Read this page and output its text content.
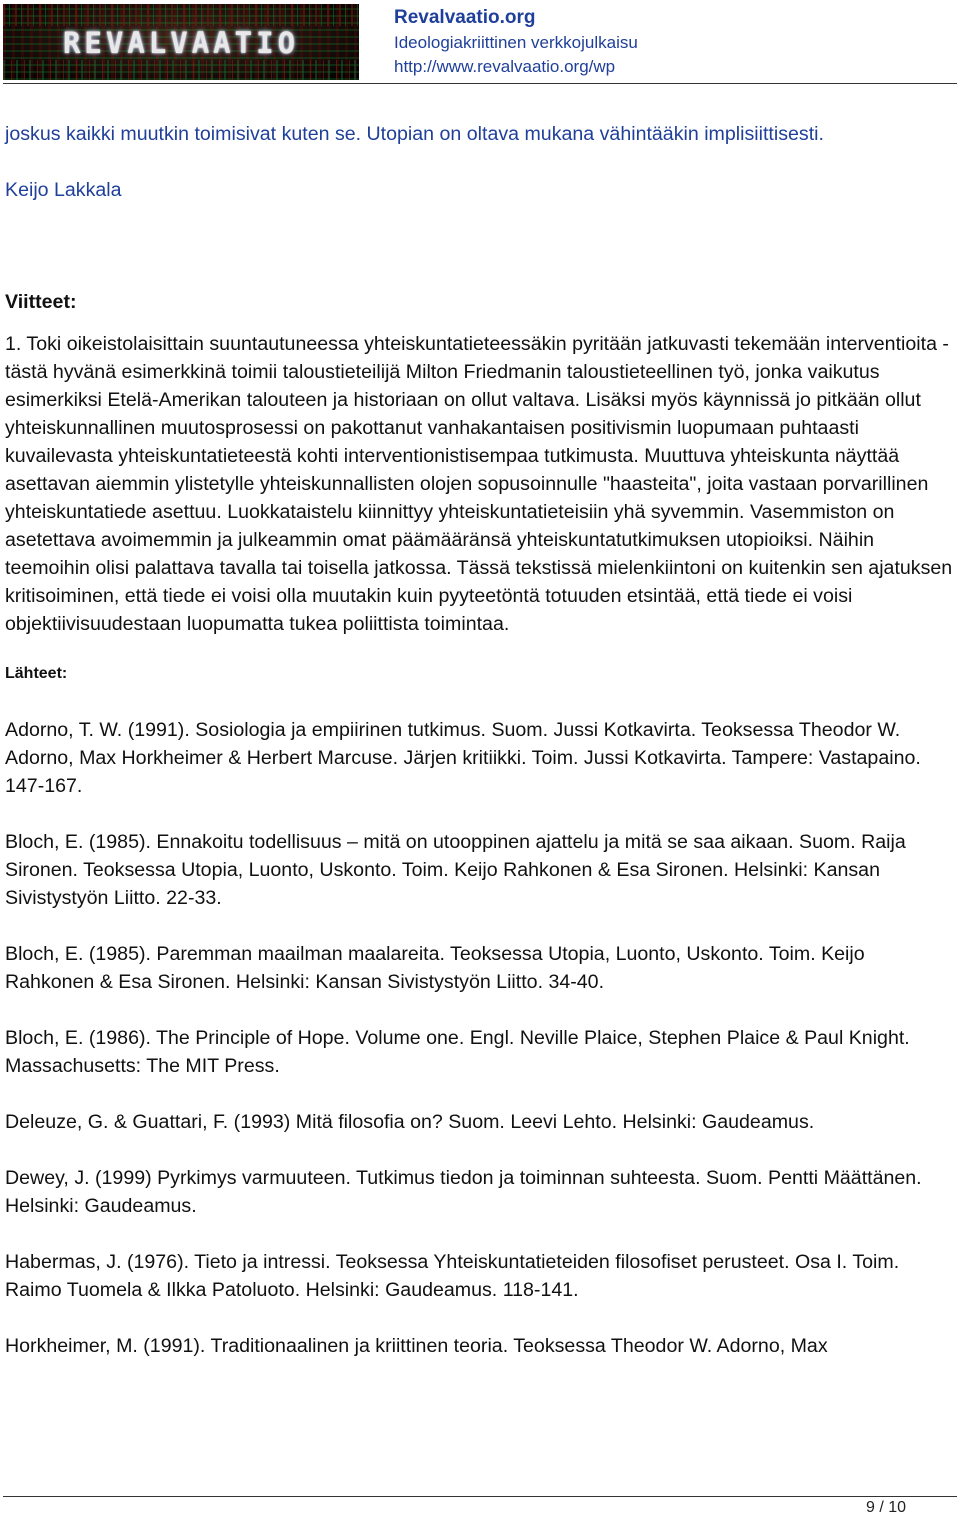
REVALVAATIO
Revalvaatio.org
Ideologiakriittinen verkkojulkaisu
http://www.revalvaatio.org/wp

joskus kaikki muutkin toimisivat kuten se. Utopian on oltava mukana vähintääkin implisiittisesti.

Keijo Lakkala

Viitteet:

1. Toki oikeistolaisittain suuntautuneessa yhteiskuntatieteessäkin pyritään jatkuvasti tekemään interventioita - tästä hyvänä esimerkkinä toimii taloustieteilijä Milton Friedmanin taloustieteellinen työ, jonka vaikutus esimerkiksi Etelä-Amerikan talouteen ja historiaan on ollut valtava. Lisäksi myös käynnissä jo pitkään ollut yhteiskunnallinen muutosprosessi on pakottanut vanhakantaisen positivismin luopumaan puhtaasti kuvailevasta yhteiskuntatieteestä kohti interventionistisempaa tutkimusta. Muuttuva yhteiskunta näyttää asettavan aiemmin ylistetylle yhteiskunnallisten olojen sopusoinnulle "haasteita", joita vastaan porvarillinen yhteiskuntatiede asettuu. Luokkataistelu kiinnittyy yhteiskuntatieteisiin yhä syvemmin. Vasemmiston on asetettava avoimemmin ja julkeammin omat päämääränsä yhteiskuntatutkimuksen utopioiksi. Näihin teemoihin olisi palattava tavalla tai toisella jatkossa. Tässä tekstissä mielenkiintoni on kuitenkin sen ajatuksen kritisoiminen, että tiede ei voisi olla muutakin kuin pyyteetöntä totuuden etsintää, että tiede ei voisi objektiivisuudestaan luopumatta tukea poliittista toimintaa.

Lähteet:

Adorno, T. W. (1991). Sosiologia ja empiirinen tutkimus. Suom. Jussi Kotkavirta. Teoksessa Theodor W. Adorno, Max Horkheimer & Herbert Marcuse. Järjen kritiikki. Toim. Jussi Kotkavirta. Tampere: Vastapaino. 147-167.

Bloch, E. (1985). Ennakoitu todellisuus – mitä on utooppinen ajattelu ja mitä se saa aikaan. Suom. Raija Sironen. Teoksessa Utopia, Luonto, Uskonto. Toim. Keijo Rahkonen & Esa Sironen. Helsinki: Kansan Sivistystyön Liitto. 22-33.

Bloch, E. (1985). Paremman maailman maalareita. Teoksessa Utopia, Luonto, Uskonto. Toim. Keijo Rahkonen & Esa Sironen. Helsinki: Kansan Sivistystyön Liitto. 34-40.

Bloch, E. (1986). The Principle of Hope. Volume one. Engl. Neville Plaice, Stephen Plaice & Paul Knight. Massachusetts: The MIT Press.

Deleuze, G. & Guattari, F. (1993) Mitä filosofia on? Suom. Leevi Lehto. Helsinki: Gaudeamus.

Dewey, J. (1999) Pyrkimys varmuuteen. Tutkimus tiedon ja toiminnan suhteesta. Suom. Pentti Määttänen. Helsinki: Gaudeamus.

Habermas, J. (1976). Tieto ja intressi. Teoksessa Yhteiskuntatieteiden filosofiset perusteet. Osa I. Toim. Raimo Tuomela & Ilkka Patoluoto. Helsinki: Gaudeamus. 118-141.

Horkheimer, M. (1991). Traditionaalinen ja kriittinen teoria. Teoksessa Theodor W. Adorno, Max

9 / 10
